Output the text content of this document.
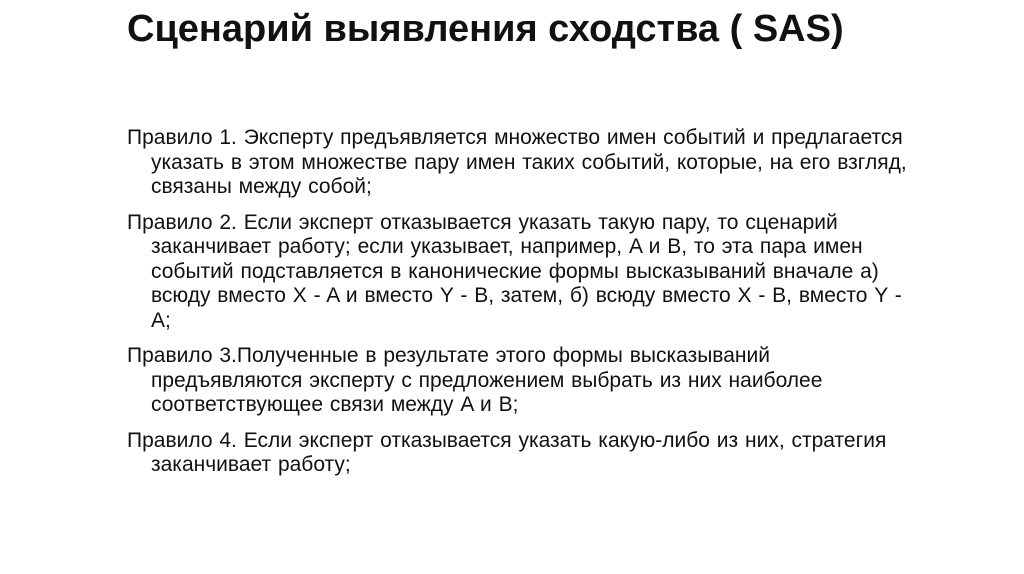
Сценарий выявления сходства ( SAS)
Правило 1. Эксперту предъявляется множество имен событий и предлагается указать в этом множестве пару имен таких событий, которые, на его взгляд, связаны между собой;
Правило 2. Если эксперт отказывается указать такую пару, то сценарий заканчивает работу; если указывает, например, A и B, то эта пара имен событий подставляется в канонические формы высказываний вначале а) всюду вместо X - A и вместо Y - B, затем, б) всюду вместо X - B, вместо Y - A;
Правило 3.Полученные в результате этого формы высказываний предъявляются эксперту с предложением выбрать из них наиболее соответствующее связи между A и B;
Правило 4. Если эксперт отказывается указать какую-либо из них, стратегия заканчивает работу;
